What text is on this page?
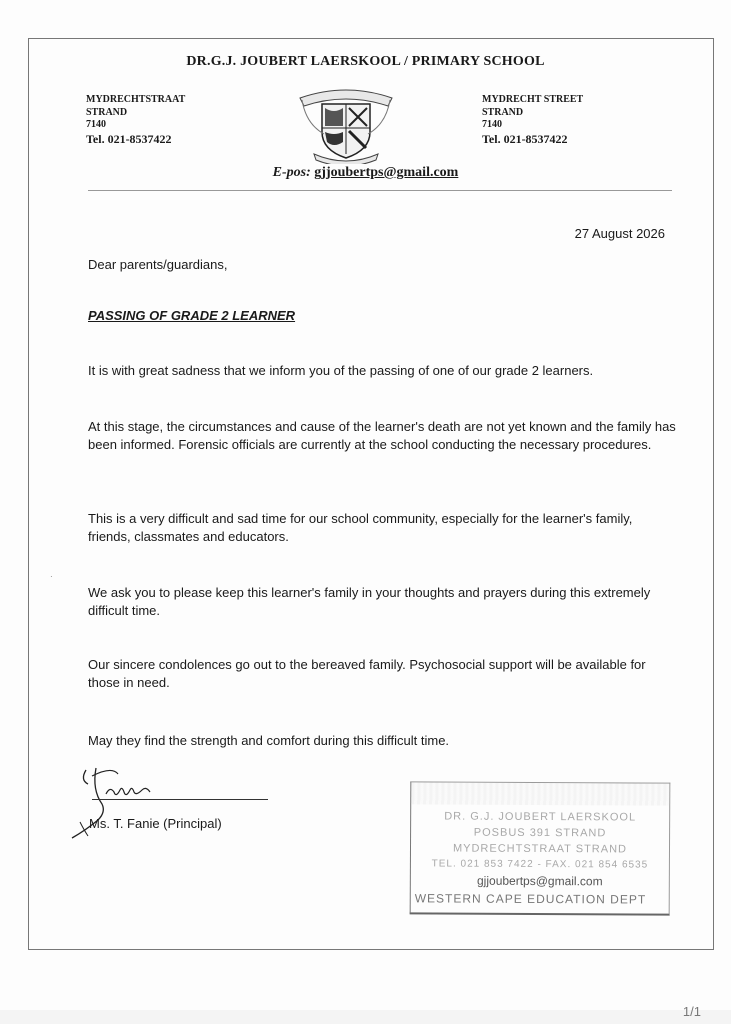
DR.G.J. JOUBERT LAERSKOOL / PRIMARY SCHOOL
MYDRECHTSTRAAT
STRAND
7140
Tel. 021-8537422
MYDRECHT STREET
STRAND
7140
Tel. 021-8537422
E-pos: gjjoubertps@gmail.com
27 August 2026
Dear parents/guardians,
PASSING OF GRADE 2 LEARNER
It is with great sadness that we inform you of the passing of one of our grade 2 learners.
At this stage, the circumstances and cause of the learner's death are not yet known and the family has been informed. Forensic officials are currently at the school conducting the necessary procedures.
This is a very difficult and sad time for our school community, especially for the learner's family, friends, classmates and educators.
·
We ask you to please keep this learner's family in your thoughts and prayers during this extremely difficult time.
Our sincere condolences go out to the bereaved family. Psychosocial support will be available for those in need.
May they find the strength and comfort during this difficult time.
Ms. T. Fanie (Principal)	DR. G.J. JOUBERT LAERSKOOL
POSBUS 391 STRAND
MYDRECHTSTRAAT STRAND
TEL. 021 853 7422 - FAX. 021 854 6535
gjjoubertps@gmail.com
WESTERN CAPE EDUCATION DEPT
1/1
